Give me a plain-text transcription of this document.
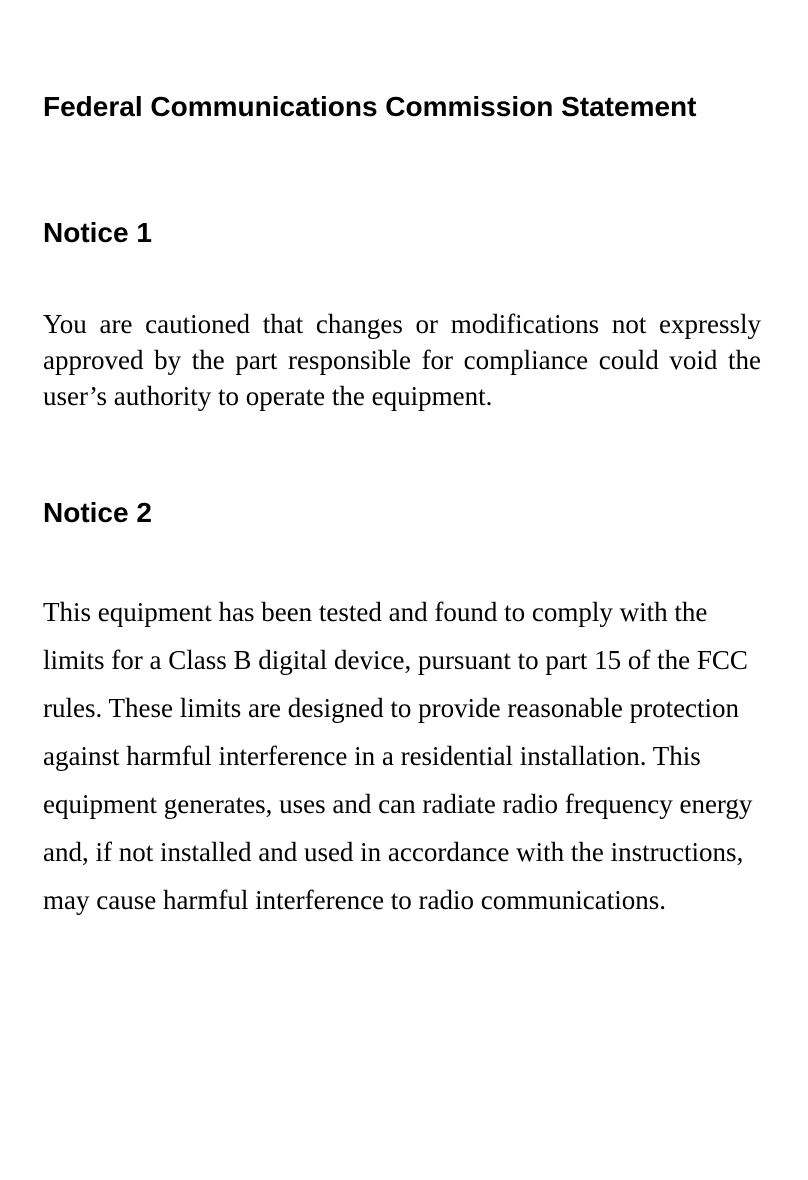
Federal Communications Commission Statement
Notice 1

You are cautioned that changes or modifications not expressly approved by the part responsible for compliance could void the user’s authority to operate the equipment.

Notice 2

This equipment has been tested and found to comply with the limits for a Class B digital device, pursuant to part 15 of the FCC rules. These limits are designed to provide reasonable protection against harmful interference in a residential installation. This equipment generates, uses and can radiate radio frequency energy and, if not installed and used in accordance with the instructions, may cause harmful interference to radio communications.
